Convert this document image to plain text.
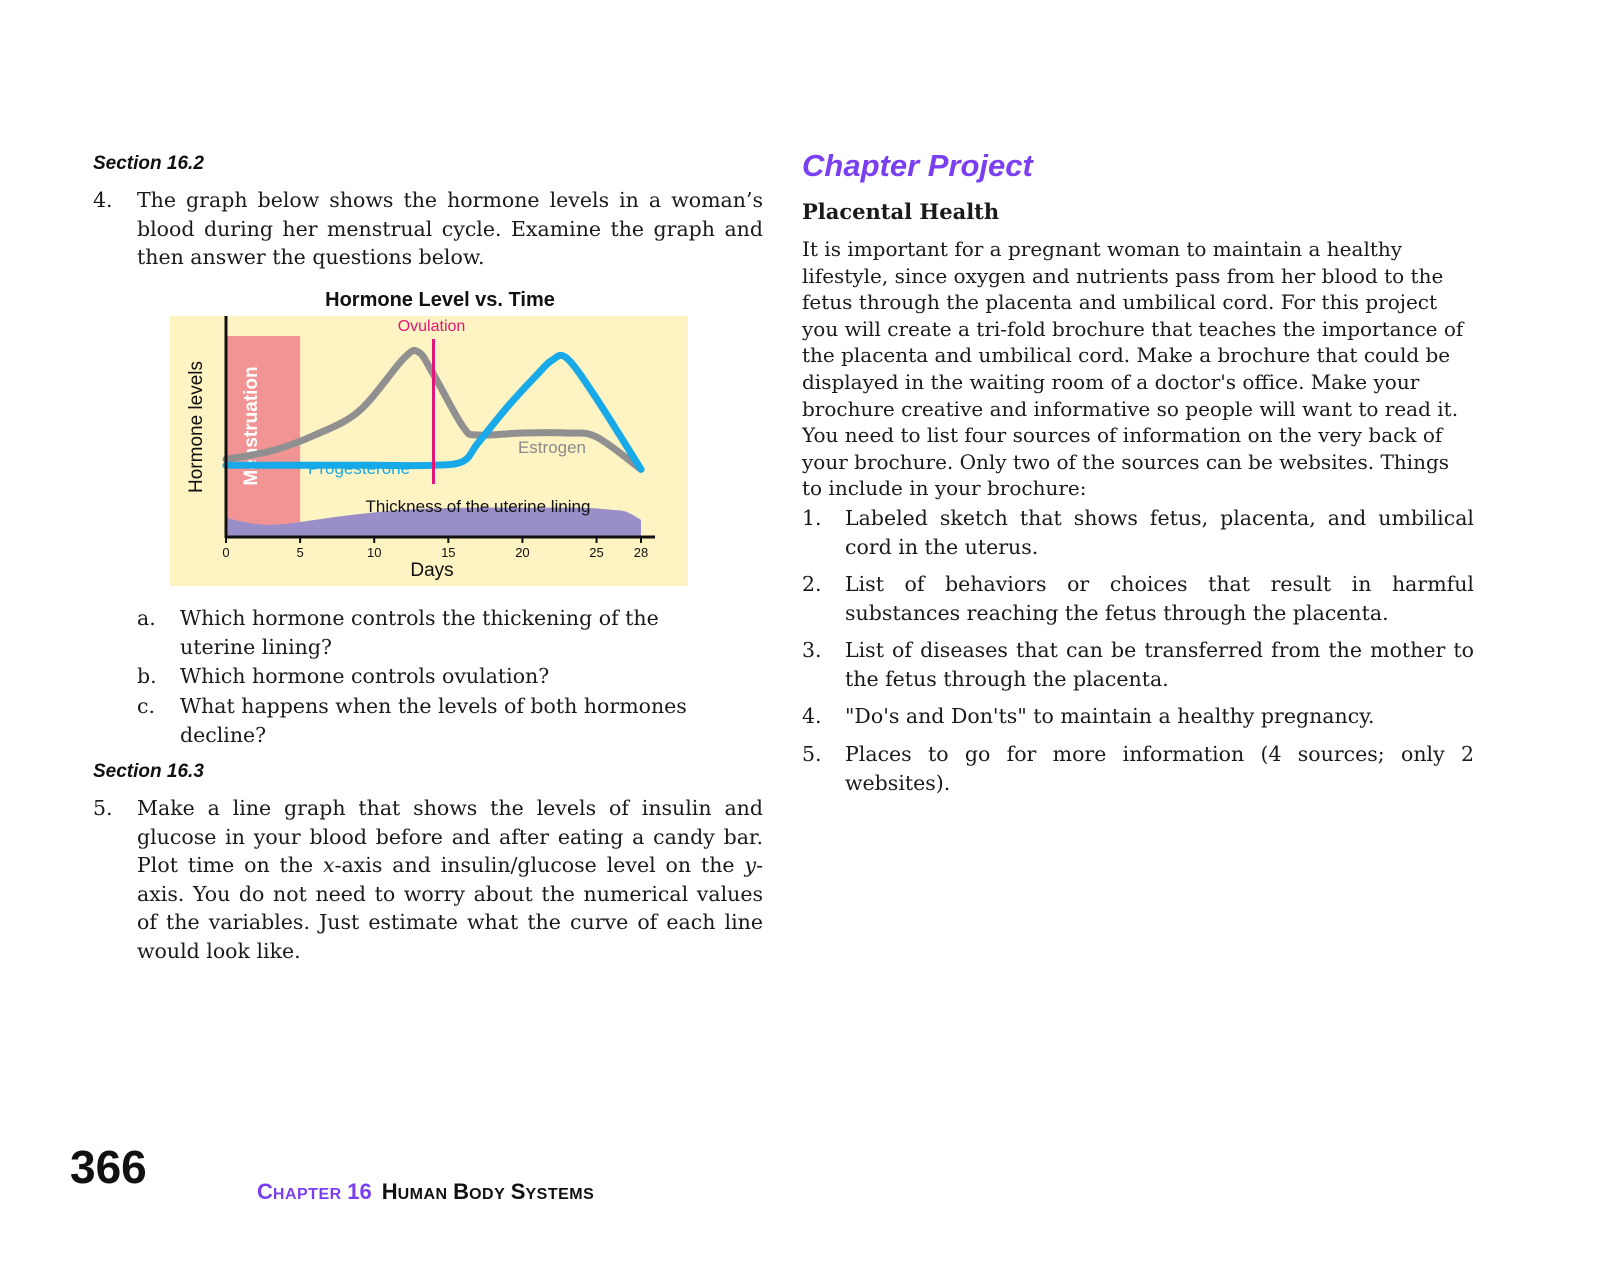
Section 16.2
4. The graph below shows the hormone levels in a woman’s blood during her menstrual cycle. Examine the graph and then answer the questions below.
Hormone Level vs. Time
Menstruation
Thickness of the uterine lining
Estrogen
Progesterone
Ovulation
0	5	10	15	20	25 28
Days
Hormone levels
a. Which hormone controls the thickening of the uterine lining?
b. Which hormone controls ovulation?
c. What happens when the levels of both hormones decline?
Section 16.3
5. Make a line graph that shows the levels of insulin and glucose in your blood before and after eating a candy bar. Plot time on the x-axis and insulin/glucose level on the y-axis. You do not need to worry about the numerical values of the variables. Just estimate what the curve of each line would look like.
Chapter Project
Placental Health
It is important for a pregnant woman to maintain a healthy lifestyle, since oxygen and nutrients pass from her blood to the fetus through the placenta and umbilical cord. For this project you will create a tri-fold brochure that teaches the importance of the placenta and umbilical cord. Make a brochure that could be displayed in the waiting room of a doctor's office. Make your brochure creative and informative so people will want to read it. You need to list four sources of information on the very back of your brochure. Only two of the sources can be websites. Things to include in your brochure:
1. Labeled sketch that shows fetus, placenta, and umbilical cord in the uterus.
2. List of behaviors or choices that result in harmful substances reaching the fetus through the placenta.
3. List of diseases that can be transferred from the mother to the fetus through the placenta.
4. "Do's and Don'ts" to maintain a healthy pregnancy.
5. Places to go for more information (4 sources; only 2 websites).
366	CHAPTER 16 HUMAN BODY SYSTEMS
